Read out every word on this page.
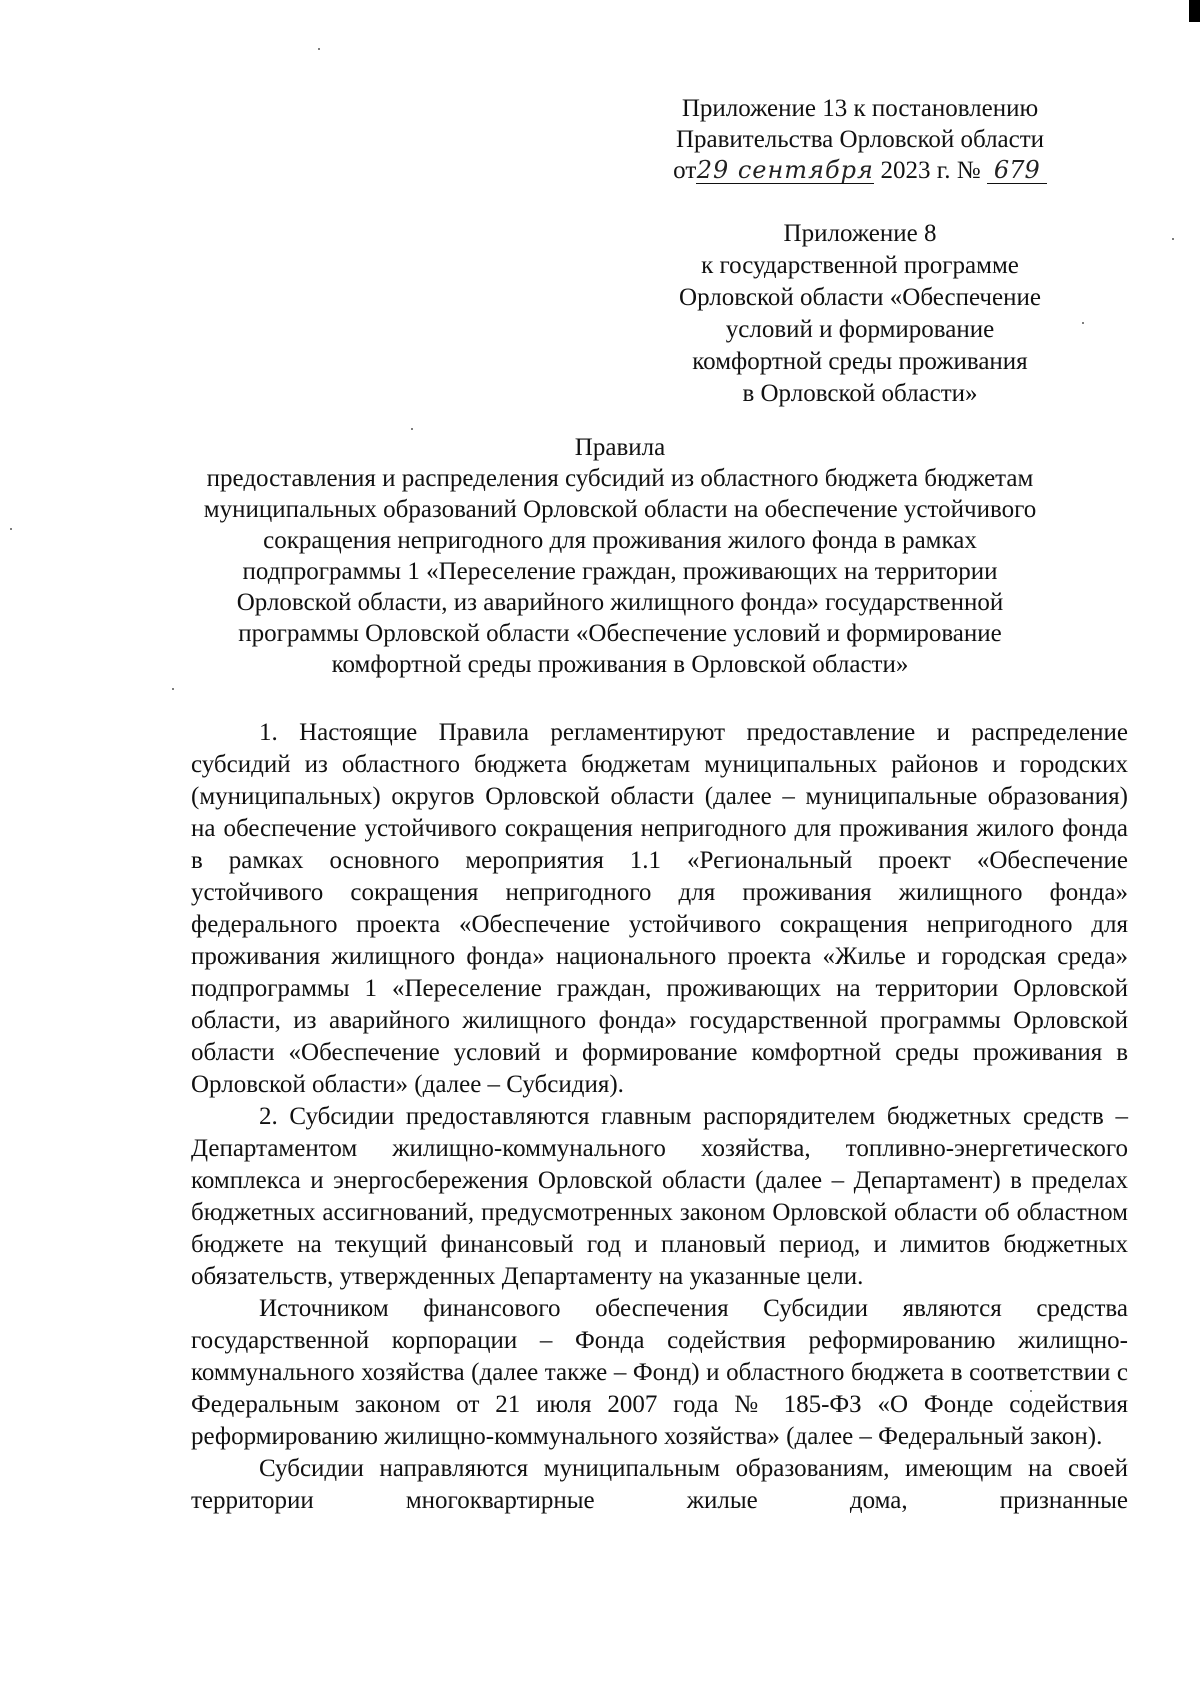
Приложение 13 к постановлению
Правительства Орловской области
от29 сентября 2023 г. № 679
Приложение 8
к государственной программе
Орловской области «Обеспечение
условий и формирование
комфортной среды проживания
в Орловской области»
Правила
предоставления и распределения субсидий из областного бюджета бюджетам
муниципальных образований Орловской области на обеспечение устойчивого
сокращения непригодного для проживания жилого фонда в рамках
подпрограммы 1 «Переселение граждан, проживающих на территории
Орловской области, из аварийного жилищного фонда» государственной
программы Орловской области «Обеспечение условий и формирование
комфортной среды проживания в Орловской области»

1. Настоящие Правила регламентируют предоставление и распределение субсидий из областного бюджета бюджетам муниципальных районов и городских (муниципальных) округов Орловской области (далее – муниципальные образования) на обеспечение устойчивого сокращения непригодного для проживания жилого фонда в рамках основного мероприятия 1.1 «Региональный проект «Обеспечение устойчивого сокращения непригодного для проживания жилищного фонда» федерального проекта «Обеспечение устойчивого сокращения непригодного для проживания жилищного фонда» национального проекта «Жилье и городская среда» подпрограммы 1 «Переселение граждан, проживающих на территории Орловской области, из аварийного жилищного фонда» государственной программы Орловской области «Обеспечение условий и формирование комфортной среды проживания в Орловской области» (далее – Субсидия).

2. Субсидии предоставляются главным распорядителем бюджетных средств – Департаментом жилищно-коммунального хозяйства, топливно-энергетического комплекса и энергосбережения Орловской области (далее – Департамент) в пределах бюджетных ассигнований, предусмотренных законом Орловской области об областном бюджете на текущий финансовый год и плановый период, и лимитов бюджетных обязательств, утвержденных Департаменту на указанные цели.

Источником финансового обеспечения Субсидии являются средства государственной корпорации – Фонда содействия реформированию жилищно-коммунального хозяйства (далее также – Фонд) и областного бюджета в соответствии с Федеральным законом от 21 июля 2007 года № 185-ФЗ «О Фонде содействия реформированию жилищно-коммунального хозяйства» (далее – Федеральный закон).

Субсидии направляются муниципальным образованиям, имеющим на своей территории многоквартирные жилые дома, признанные
